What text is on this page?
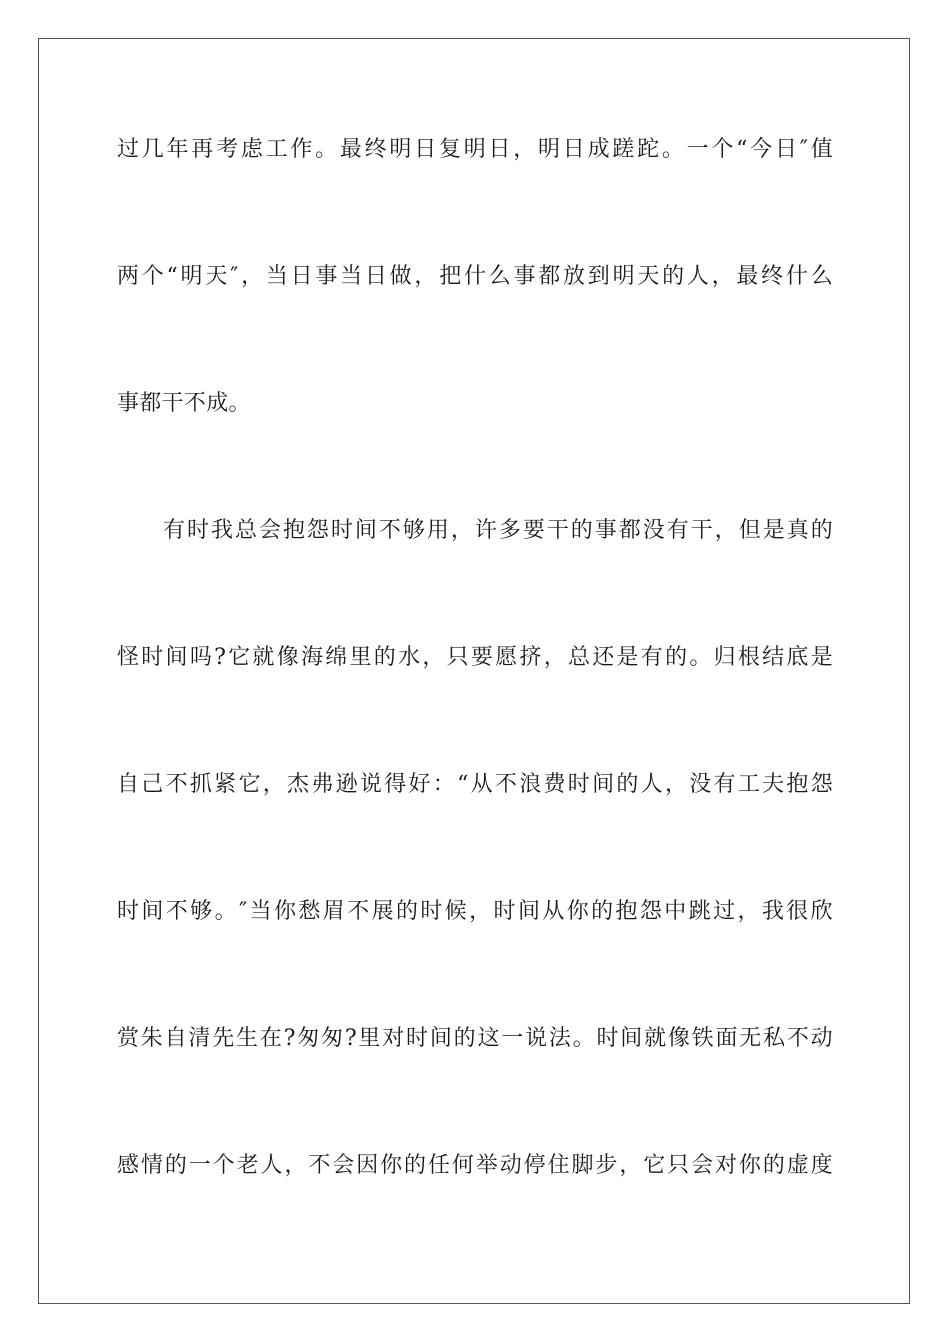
过几年再考虑工作。最终明日复明日，明日成蹉跎。一个“今日″值
两个“明天″，当日事当日做，把什么事都放到明天的人，最终什么
事都干不成。
有时我总会抱怨时间不够用，许多要干的事都没有干，但是真的
怪时间吗?它就像海绵里的水，只要愿挤，总还是有的。归根结底是
自己不抓紧它，杰弗逊说得好：“从不浪费时间的人，没有工夫抱怨
时间不够。″当你愁眉不展的时候，时间从你的抱怨中跳过，我很欣
赏朱自清先生在?匆匆?里对时间的这一说法。时间就像铁面无私不动
感情的一个老人，不会因你的任何举动停住脚步，它只会对你的虚度
